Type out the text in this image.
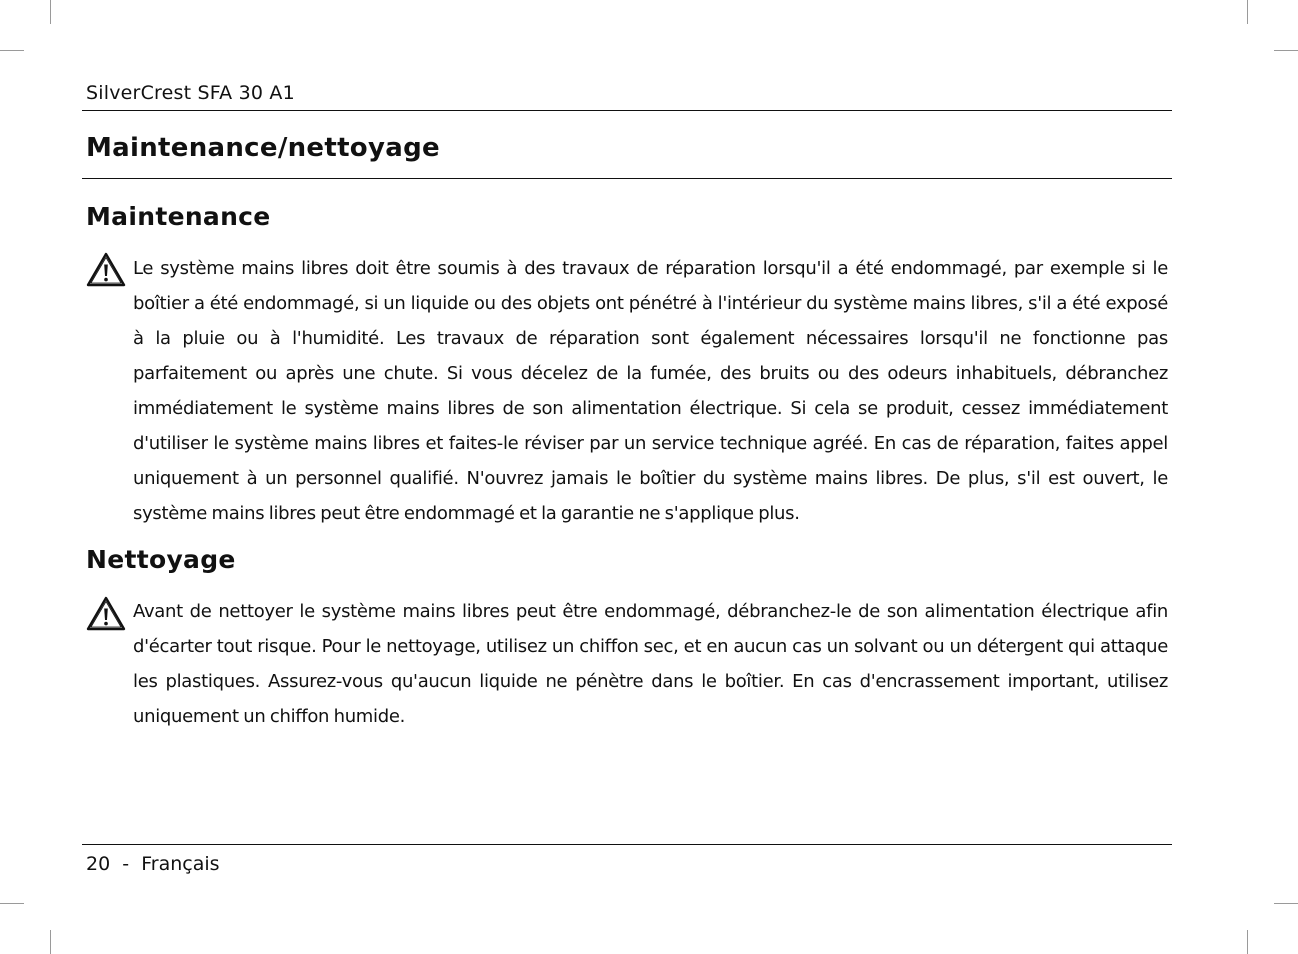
SilverCrest SFA 30 A1
Maintenance/nettoyage
Maintenance
Le système mains libres doit être soumis à des travaux de réparation lorsqu'il a été endommagé, par exemple si le boîtier a été endommagé, si un liquide ou des objets ont pénétré à l'intérieur du système mains libres, s'il a été exposé à la pluie ou à l'humidité. Les travaux de réparation sont également nécessaires lorsqu'il ne fonctionne pas parfaitement ou après une chute. Si vous décelez de la fumée, des bruits ou des odeurs inhabituels, débranchez immédiatement le système mains libres de son alimentation électrique. Si cela se produit, cessez immédiatement d'utiliser le système mains libres et faites-le réviser par un service technique agréé. En cas de réparation, faites appel uniquement à un personnel qualifié. N'ouvrez jamais le boîtier du système mains libres. De plus, s'il est ouvert, le système mains libres peut être endommagé et la garantie ne s'applique plus.
Nettoyage
Avant de nettoyer le système mains libres peut être endommagé, débranchez-le de son alimentation électrique afin d'écarter tout risque. Pour le nettoyage, utilisez un chiffon sec, et en aucun cas un solvant ou un détergent qui attaque les plastiques. Assurez-vous qu'aucun liquide ne pénètre dans le boîtier. En cas d'encrassement important, utilisez uniquement un chiffon humide.
20 - Français
